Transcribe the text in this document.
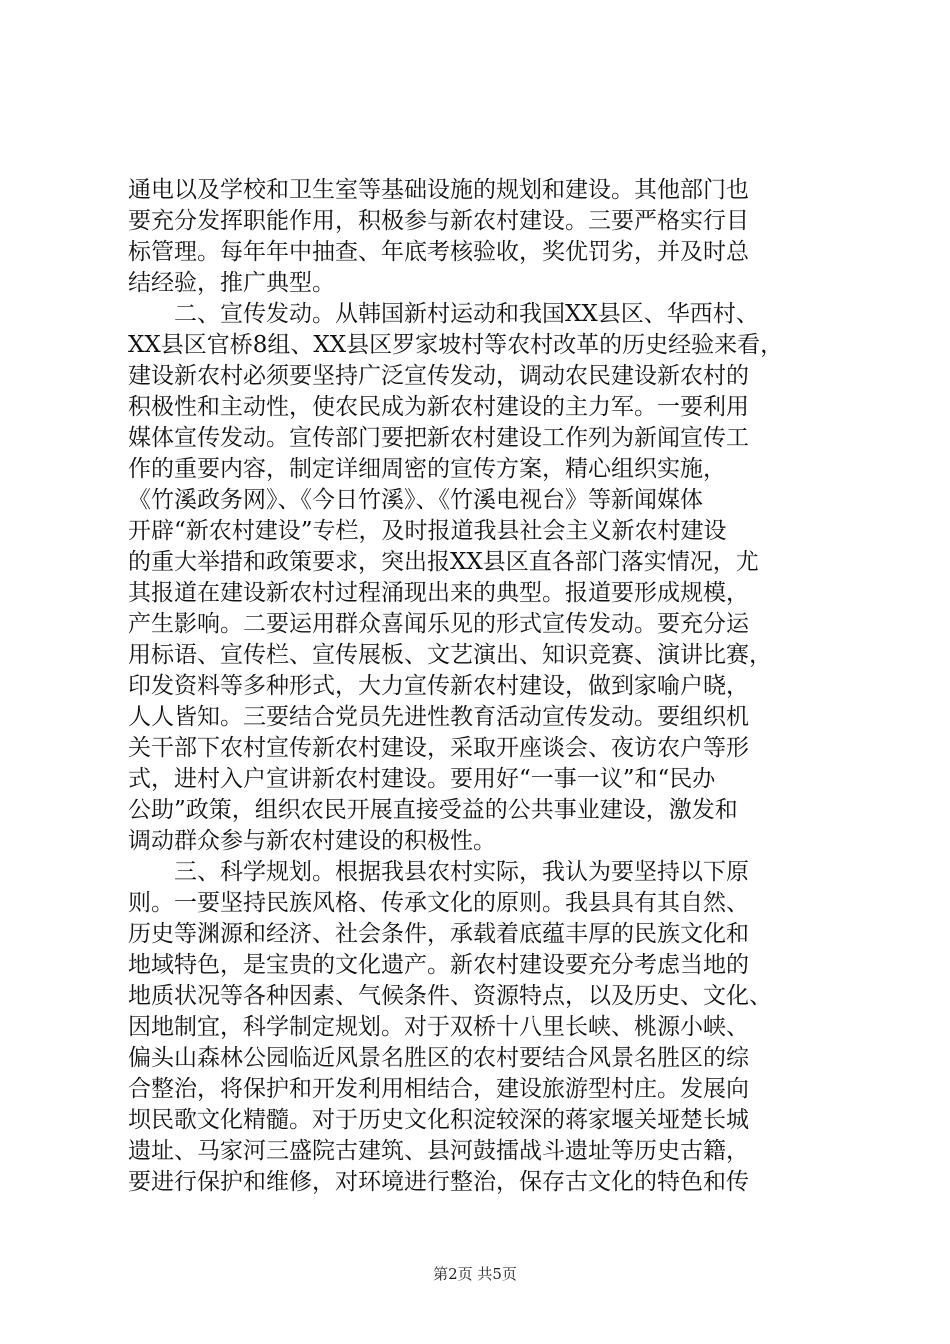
通电以及学校和卫生室等基础设施的规划和建设。其他部门也
要充分发挥职能作用，积极参与新农村建设。三要严格实行目
标管理。每年年中抽查、年底考核验收，奖优罚劣，并及时总
结经验，推广典型。
　　二、宣传发动。从韩国新村运动和我国XX县区、华西村、
XX县区官桥8组、XX县区罗家坡村等农村改革的历史经验来看，
建设新农村必须要坚持广泛宣传发动，调动农民建设新农村的
积极性和主动性，使农民成为新农村建设的主力军。一要利用
媒体宣传发动。宣传部门要把新农村建设工作列为新闻宣传工
作的重要内容，制定详细周密的宣传方案，精心组织实施，
《竹溪政务网》、《今日竹溪》、《竹溪电视台》等新闻媒体
开辟“新农村建设”专栏，及时报道我县社会主义新农村建设
的重大举措和政策要求，突出报XX县区直各部门落实情况，尤
其报道在建设新农村过程涌现出来的典型。报道要形成规模，
产生影响。二要运用群众喜闻乐见的形式宣传发动。要充分运
用标语、宣传栏、宣传展板、文艺演出、知识竞赛、演讲比赛，
印发资料等多种形式，大力宣传新农村建设，做到家喻户晓，
人人皆知。三要结合党员先进性教育活动宣传发动。要组织机
关干部下农村宣传新农村建设，采取开座谈会、夜访农户等形
式，进村入户宣讲新农村建设。要用好“一事一议”和“民办
公助”政策，组织农民开展直接受益的公共事业建设，激发和
调动群众参与新农村建设的积极性。
　　三、科学规划。根据我县农村实际，我认为要坚持以下原
则。一要坚持民族风格、传承文化的原则。我县具有其自然、
历史等渊源和经济、社会条件，承载着底蕴丰厚的民族文化和
地域特色，是宝贵的文化遗产。新农村建设要充分考虑当地的
地质状况等各种因素、气候条件、资源特点，以及历史、文化、
因地制宜，科学制定规划。对于双桥十八里长峡、桃源小峡、
偏头山森林公园临近风景名胜区的农村要结合风景名胜区的综
合整治，将保护和开发利用相结合，建设旅游型村庄。发展向
坝民歌文化精髓。对于历史文化积淀较深的蒋家堰关垭楚长城
遗址、马家河三盛院古建筑、县河鼓擂战斗遗址等历史古籍，
要进行保护和维修，对环境进行整治，保存古文化的特色和传
第2页 共5页
